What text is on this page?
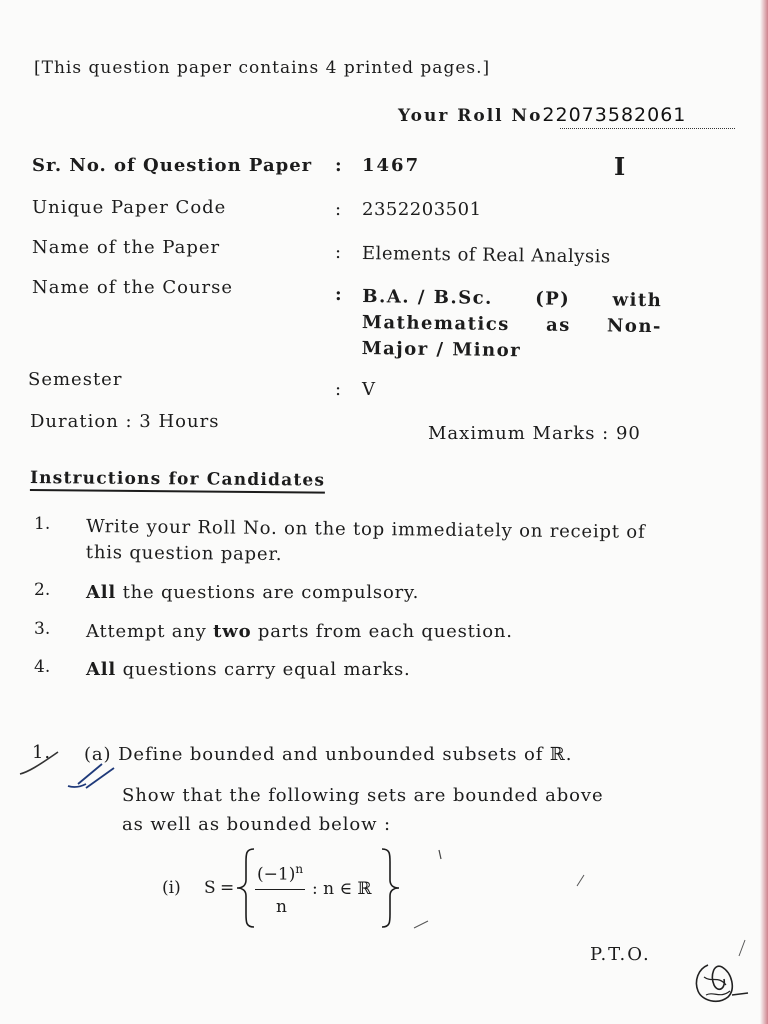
[This question paper contains 4 printed pages.]
Your Roll No22073582061
Sr. No. of Question Paper : 1467	I
Unique Paper Code	: 2352203501
Name of the Paper	: Elements of Real Analysis
Name of the Course	: B.A. / B.Sc. (P) with
Mathematics as Non-
Major / Minor
Semester	: V
Duration : 3 Hours
Maximum Marks : 90
Instructions for Candidates
1. Write your Roll No. on the top immediately on receipt of this question paper.
2. All the questions are compulsory.
3. Attempt any two parts from each question.
4. All questions carry equal marks.
1. (a) Define bounded and unbounded subsets of ℝ.
Show that the following sets are bounded above
as well as bounded below :
(i) S =
$(-1)^n$
n
: n ∈ ℝ
P.T.O.
